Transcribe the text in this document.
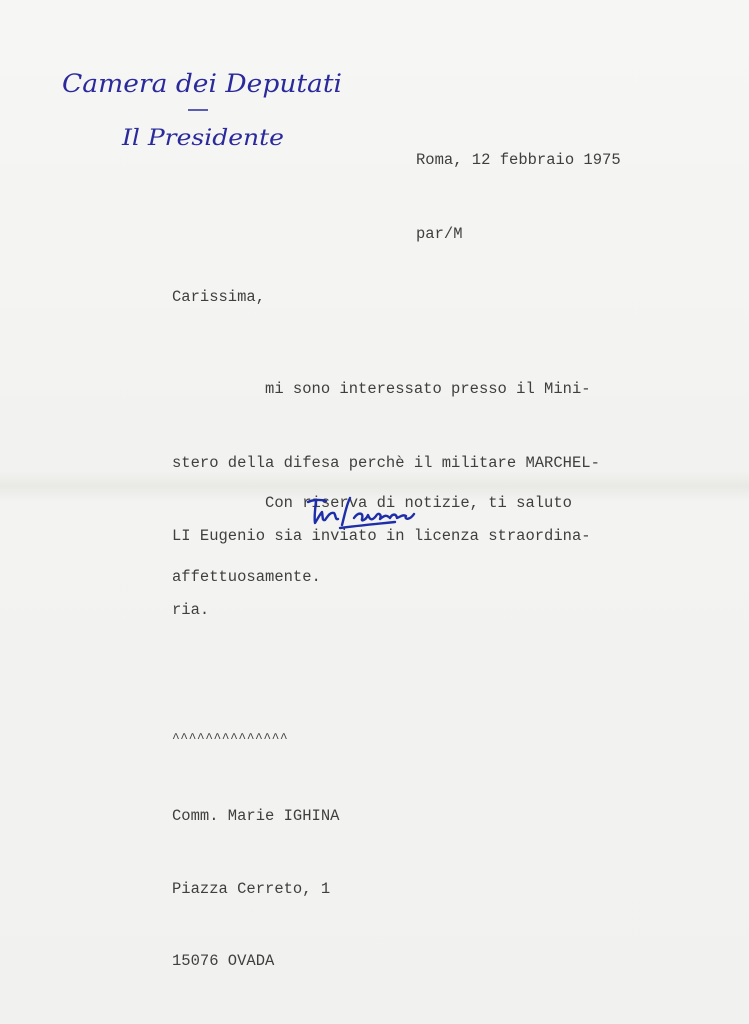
Camera dei Deputati
Il Presidente

Roma, 12 febbraio 1975

par/M

Carissima,

mi sono interessato presso il Mini-

stero della difesa perchè il militare MARCHEL-

LI Eugenio sia inviato in licenza straordina-

ria.

Con riserva di notizie, ti saluto

affettuosamente.

^^^^^^^^^^^^^^

Comm. Marie IGHINA

Piazza Cerreto, 1

15076 OVADA
